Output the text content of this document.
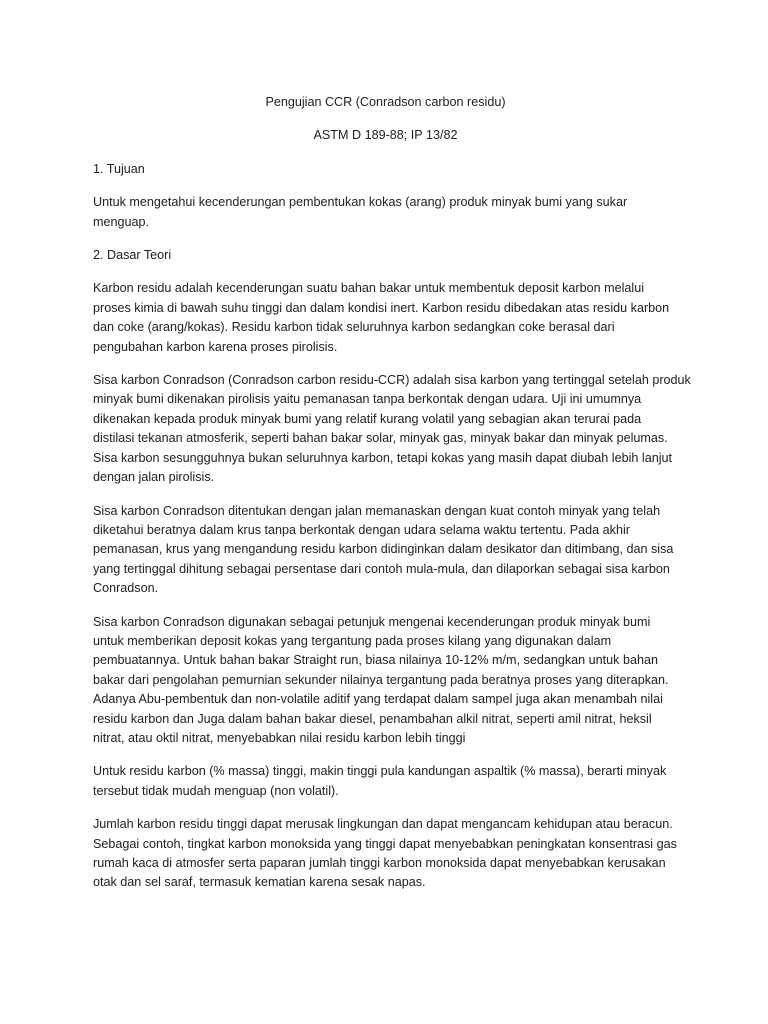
Pengujian CCR (Conradson carbon residu)
ASTM D 189-88; IP 13/82
1. Tujuan
Untuk mengetahui kecenderungan pembentukan kokas (arang) produk minyak bumi yang sukar
menguap.
2. Dasar Teori
Karbon residu adalah kecenderungan suatu bahan bakar untuk membentuk deposit karbon melalui
proses kimia di bawah suhu tinggi dan dalam kondisi inert. Karbon residu dibedakan atas residu karbon
dan coke (arang/kokas). Residu karbon tidak seluruhnya karbon sedangkan coke berasal dari
pengubahan karbon karena proses pirolisis.
Sisa karbon Conradson (Conradson carbon residu-CCR) adalah sisa karbon yang tertinggal setelah produk
minyak bumi dikenakan pirolisis yaitu pemanasan tanpa berkontak dengan udara. Uji ini umumnya
dikenakan kepada produk minyak bumi yang relatif kurang volatil yang sebagian akan terurai pada
distilasi tekanan atmosferik, seperti bahan bakar solar, minyak gas, minyak bakar dan minyak pelumas.
Sisa karbon sesungguhnya bukan seluruhnya karbon, tetapi kokas yang masih dapat diubah lebih lanjut
dengan jalan pirolisis.
Sisa karbon Conradson ditentukan dengan jalan memanaskan dengan kuat contoh minyak yang telah
diketahui beratnya dalam krus tanpa berkontak dengan udara selama waktu tertentu. Pada akhir
pemanasan, krus yang mengandung residu karbon didinginkan dalam desikator dan ditimbang, dan sisa
yang tertinggal dihitung sebagai persentase dari contoh mula-mula, dan dilaporkan sebagai sisa karbon
Conradson.
Sisa karbon Conradson digunakan sebagai petunjuk mengenai kecenderungan produk minyak bumi
untuk memberikan deposit kokas yang tergantung pada proses kilang yang digunakan dalam
pembuatannya. Untuk bahan bakar Straight run, biasa nilainya 10-12% m/m, sedangkan untuk bahan
bakar dari pengolahan pemurnian sekunder nilainya tergantung pada beratnya proses yang diterapkan.
Adanya Abu-pembentuk dan non-volatile aditif yang terdapat dalam sampel juga akan menambah nilai
residu karbon dan Juga dalam bahan bakar diesel, penambahan alkil nitrat, seperti amil nitrat, heksil
nitrat, atau oktil nitrat, menyebabkan nilai residu karbon lebih tinggi
Untuk residu karbon (% massa) tinggi, makin tinggi pula kandungan aspaltik (% massa), berarti minyak
tersebut tidak mudah menguap (non volatil).
Jumlah karbon residu tinggi dapat merusak lingkungan dan dapat mengancam kehidupan atau beracun.
Sebagai contoh, tingkat karbon monoksida yang tinggi dapat menyebabkan peningkatan konsentrasi gas
rumah kaca di atmosfer serta paparan jumlah tinggi karbon monoksida dapat menyebabkan kerusakan
otak dan sel saraf, termasuk kematian karena sesak napas.
